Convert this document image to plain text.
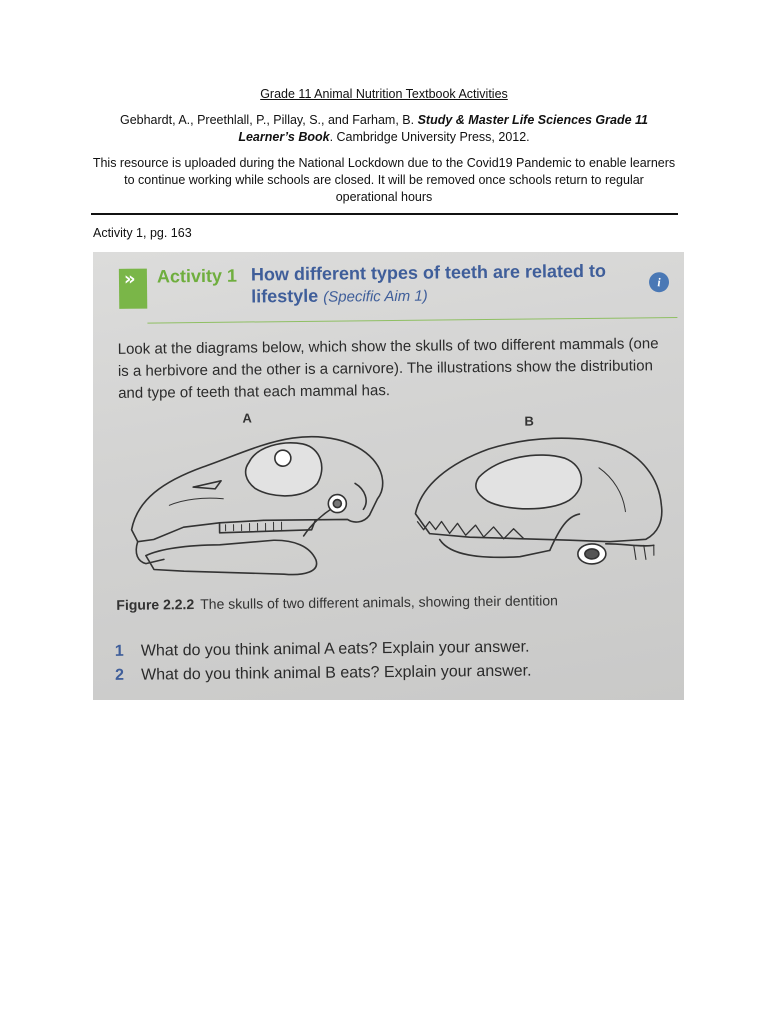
Grade 11 Animal Nutrition Textbook Activities

Gebhardt, A., Preethlall, P., Pillay, S., and Farham, B. Study & Master Life Sciences Grade 11 Learner’s Book. Cambridge University Press, 2012.

This resource is uploaded during the National Lockdown due to the Covid19 Pandemic to enable learners to continue working while schools are closed. It will be removed once schools return to regular operational hours

Activity 1, pg. 163
» Activity 1 How different types of teeth are related to lifestyle (Specific Aim 1)
i
Look at the diagrams below, which show the skulls of two different mammals (one is a herbivore and the other is a carnivore). The illustrations show the distribution and type of teeth that each mammal has.
A	B
Figure 2.2.2 The skulls of two different animals, showing their dentition
1 What do you think animal A eats? Explain your answer.
2 What do you think animal B eats? Explain your answer.
